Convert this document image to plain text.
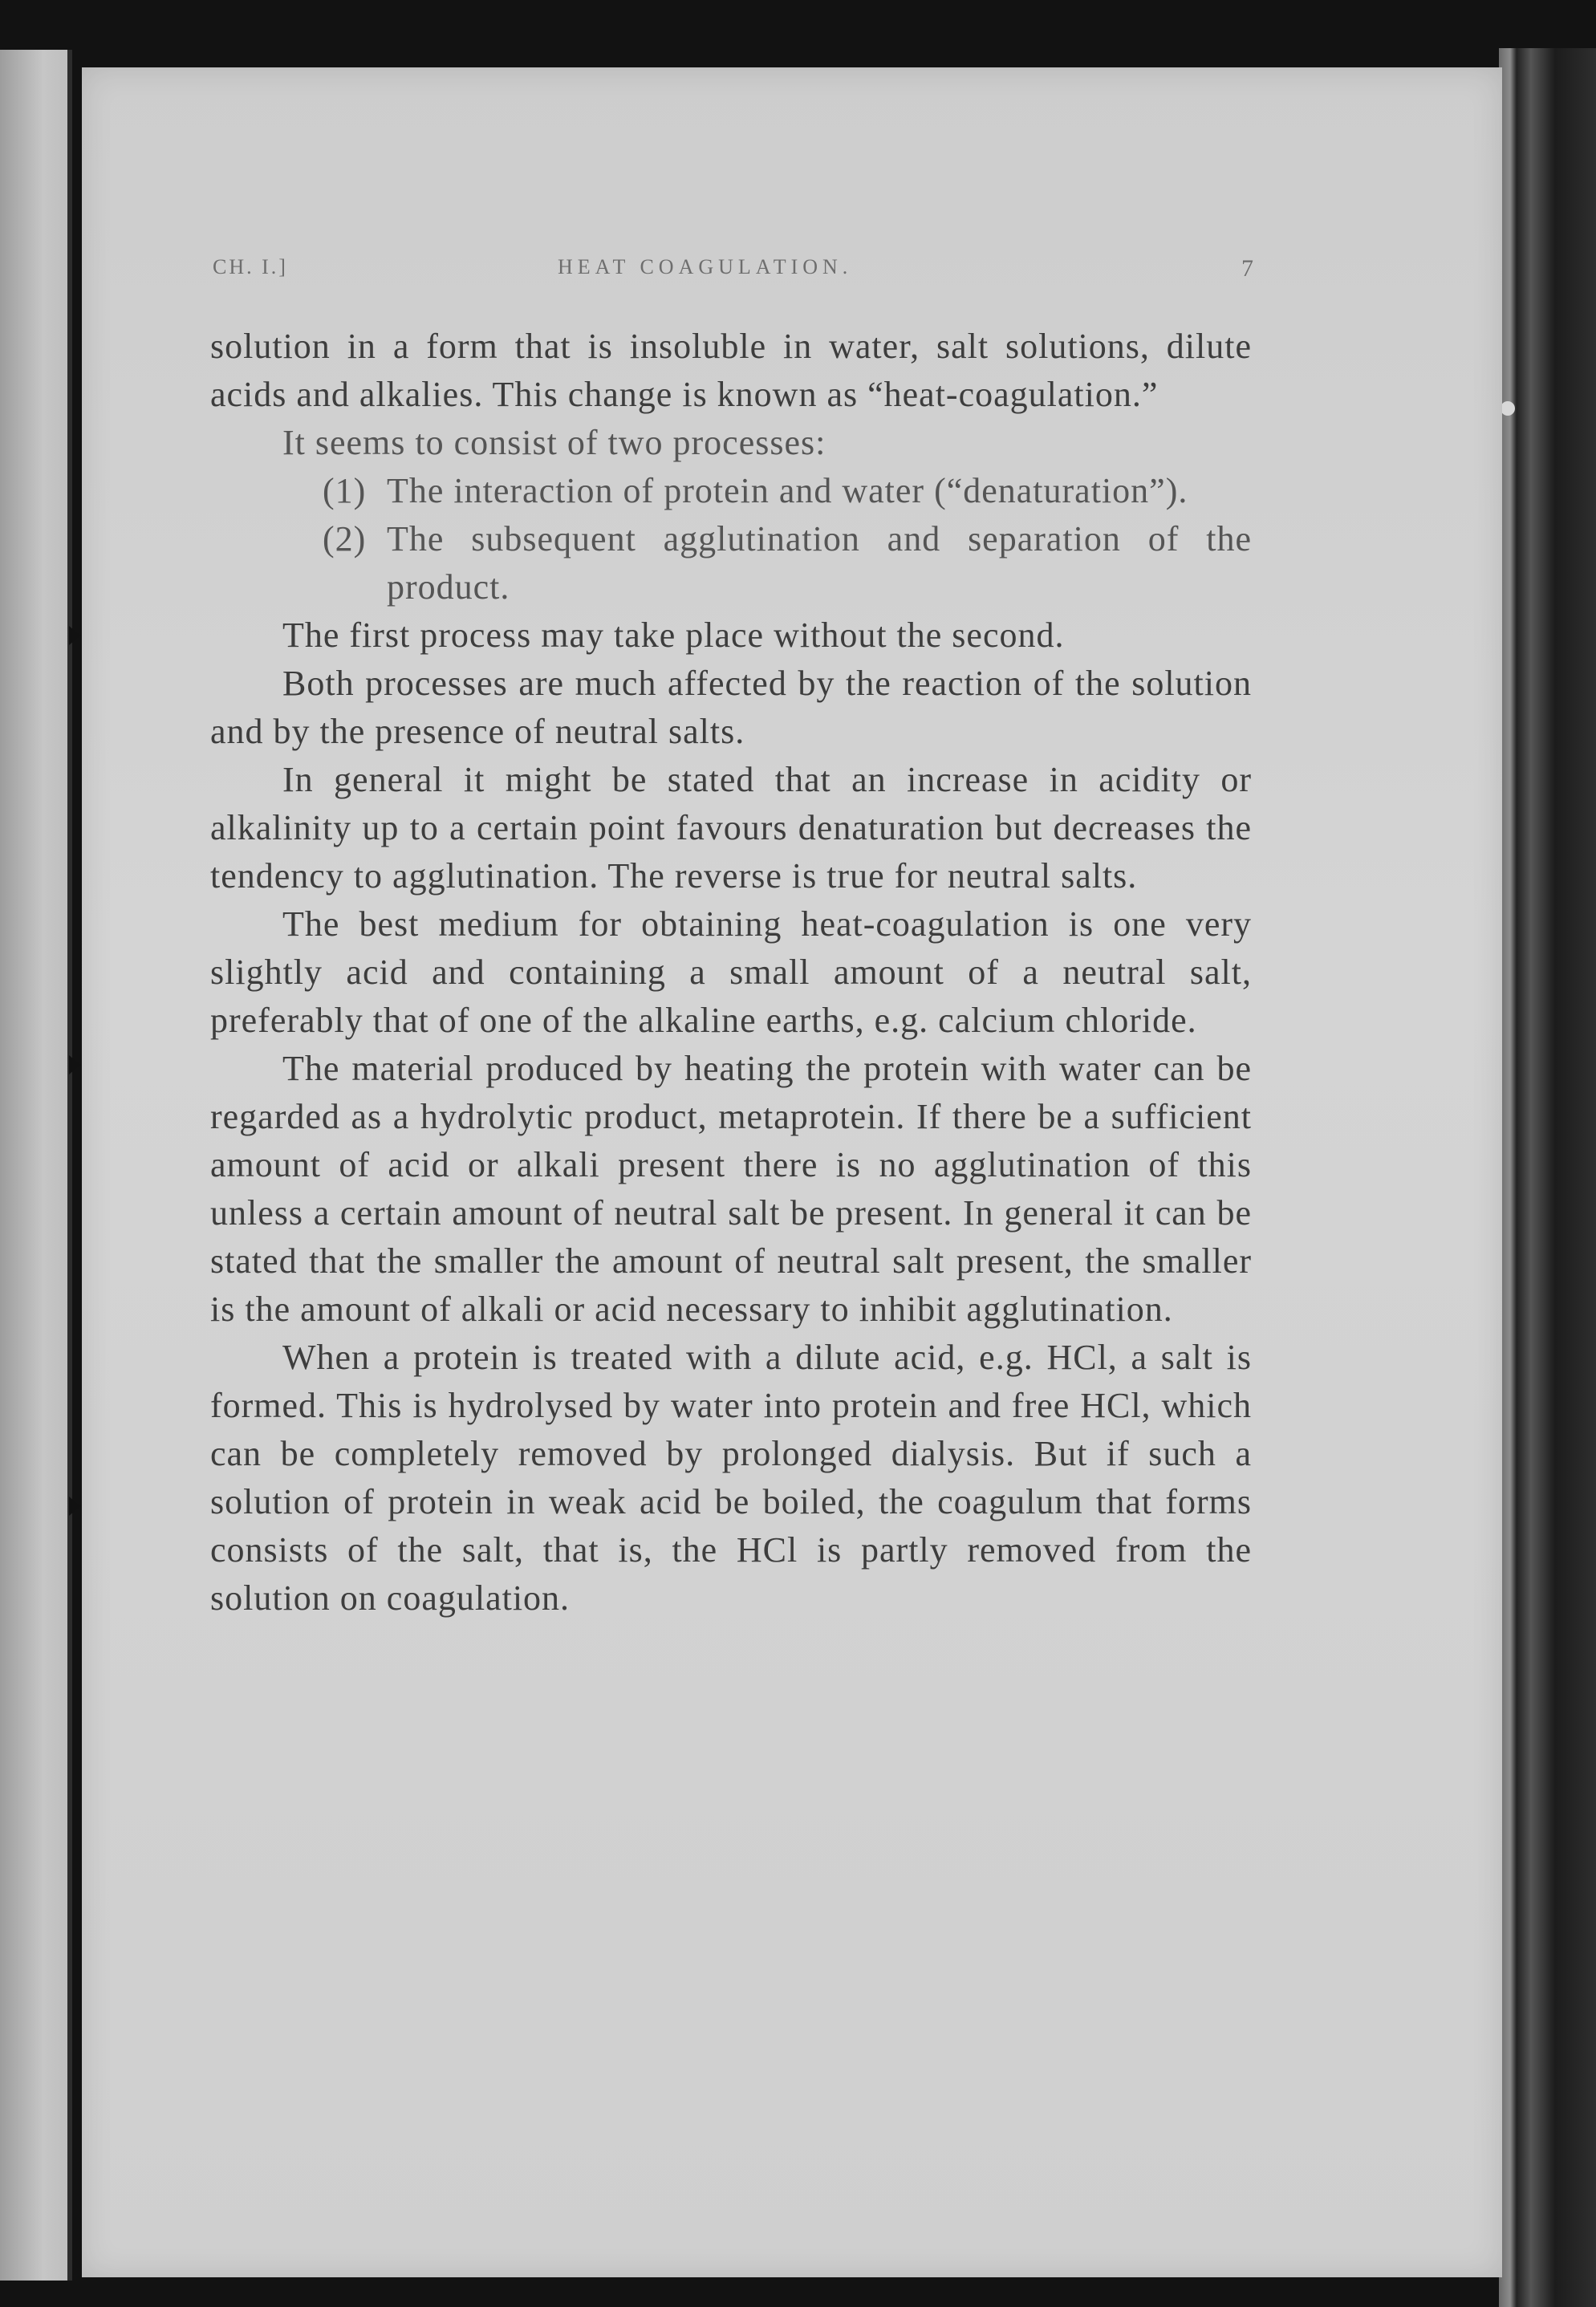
CH. I.]	HEAT COAGULATION.	7

solution in a form that is insoluble in water, salt solutions, dilute acids and alkalies. This change is known as “heat-coagulation.”

It seems to consist of two processes:

(1) The interaction of protein and water (“denaturation”).

(2) The subsequent agglutination and separation of the product.

The first process may take place without the second.

Both processes are much affected by the reaction of the solution and by the presence of neutral salts.

In general it might be stated that an increase in acidity or alkalinity up to a certain point favours denaturation but decreases the tendency to agglutination. The reverse is true for neutral salts.

The best medium for obtaining heat-coagulation is one very slightly acid and containing a small amount of a neutral salt, preferably that of one of the alkaline earths, e.g. calcium chloride.

The material produced by heating the protein with water can be regarded as a hydrolytic product, metaprotein. If there be a sufficient amount of acid or alkali present there is no agglutination of this unless a certain amount of neutral salt be present. In general it can be stated that the smaller the amount of neutral salt present, the smaller is the amount of alkali or acid necessary to inhibit agglutination.

When a protein is treated with a dilute acid, e.g. HCl, a salt is formed. This is hydrolysed by water into protein and free HCl, which can be completely removed by prolonged dialysis. But if such a solution of protein in weak acid be boiled, the coagulum that forms consists of the salt, that is, the HCl is partly removed from the solution on coagulation.
